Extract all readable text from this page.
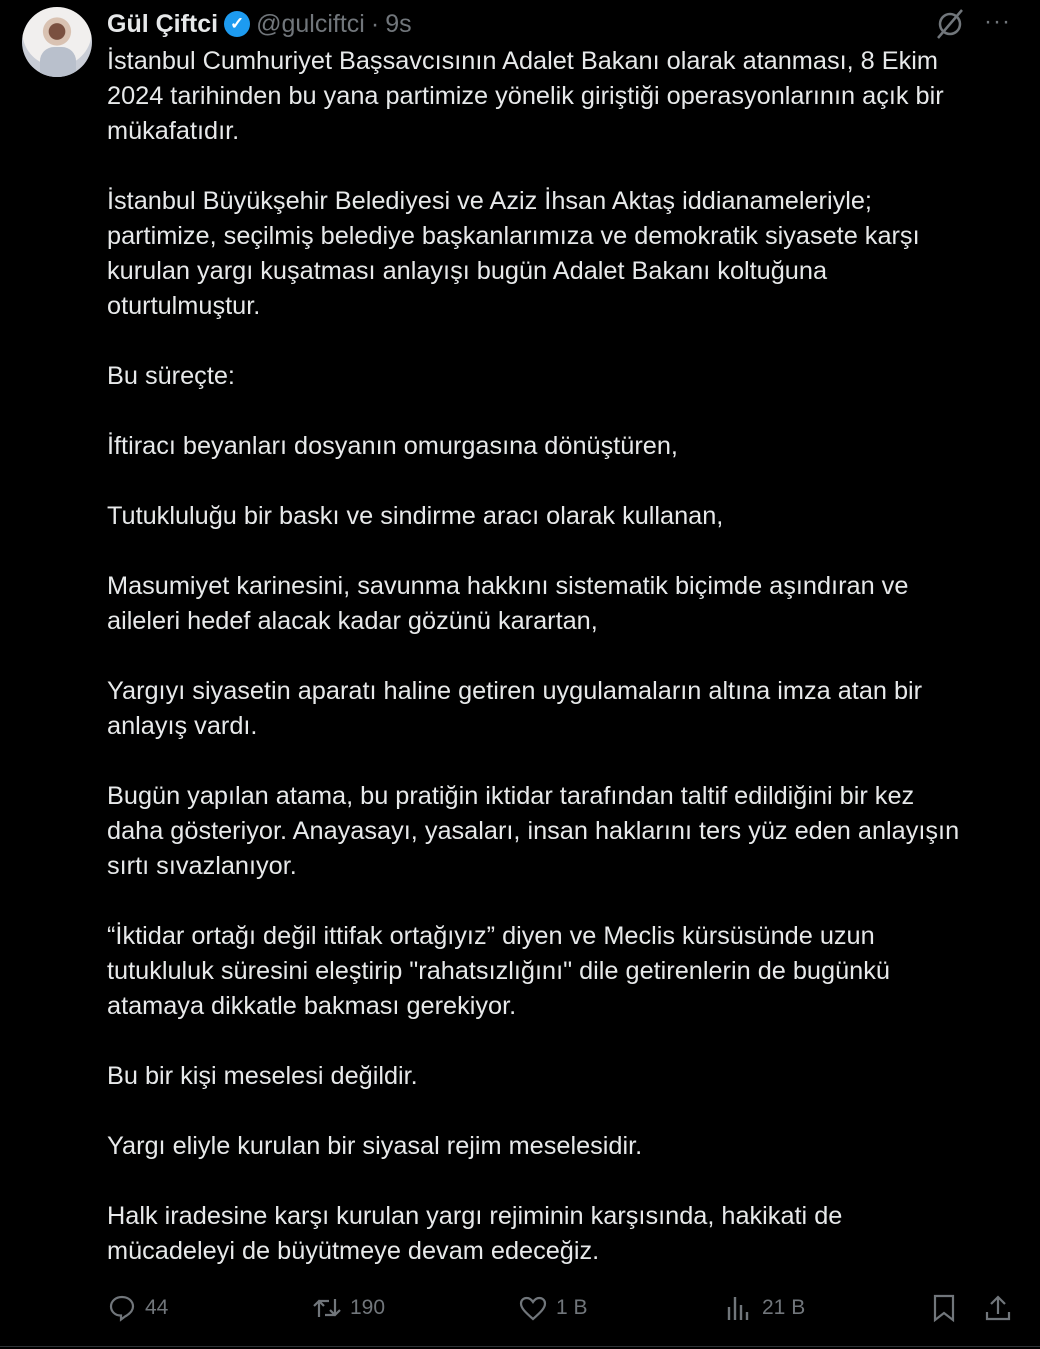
Gül Çiftci ✓ @gulciftci · 9s	···
İstanbul Cumhuriyet Başsavcısının Adalet Bakanı olarak atanması, 8 Ekim
2024 tarihinden bu yana partimize yönelik giriştiği operasyonlarının açık bir
mükafatıdır.
İstanbul Büyükşehir Belediyesi ve Aziz İhsan Aktaş iddianameleriyle;
partimize, seçilmiş belediye başkanlarımıza ve demokratik siyasete karşı
kurulan yargı kuşatması anlayışı bugün Adalet Bakanı koltuğuna
oturtulmuştur.
Bu süreçte:
İftiracı beyanları dosyanın omurgasına dönüştüren,
Tutukluluğu bir baskı ve sindirme aracı olarak kullanan,
Masumiyet karinesini, savunma hakkını sistematik biçimde aşındıran ve
aileleri hedef alacak kadar gözünü karartan,
Yargıyı siyasetin aparatı haline getiren uygulamaların altına imza atan bir
anlayış vardı.
Bugün yapılan atama, bu pratiğin iktidar tarafından taltif edildiğini bir kez
daha gösteriyor. Anayasayı, yasaları, insan haklarını ters yüz eden anlayışın
sırtı sıvazlanıyor.
“İktidar ortağı değil ittifak ortağıyız” diyen ve Meclis kürsüsünde uzun
tutukluluk süresini eleştirip "rahatsızlığını" dile getirenlerin de bugünkü
atamaya dikkatle bakması gerekiyor.
Bu bir kişi meselesi değildir.
Yargı eliyle kurulan bir siyasal rejim meselesidir.
Halk iradesine karşı kurulan yargı rejiminin karşısında, hakikati de
mücadeleyi de büyütmeye devam edeceğiz.
44	190	1 B	21 B
